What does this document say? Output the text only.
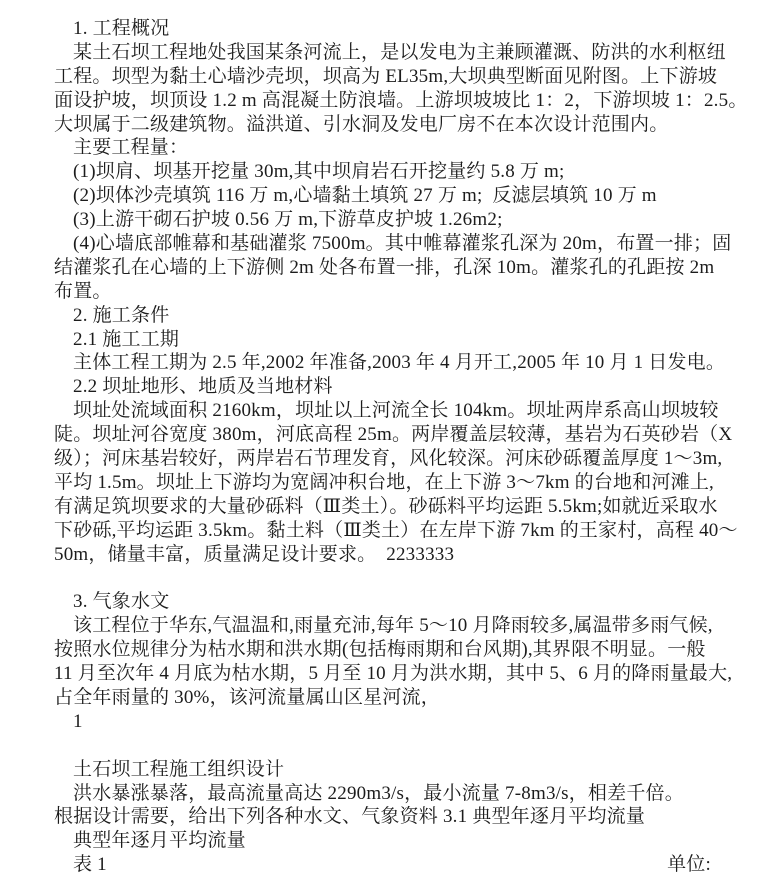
1. 工程概况
某土石坝工程地处我国某条河流上，是以发电为主兼顾灌溉、防洪的水利枢纽
工程。坝型为黏土心墙沙壳坝，坝高为 EL35m,大坝典型断面见附图。上下游坡
面设护坡，坝顶设 1.2 m 高混凝土防浪墙。上游坝坡坡比 1：2，下游坝坡 1：2.5。
大坝属于二级建筑物。溢洪道、引水洞及发电厂房不在本次设计范围内。
主要工程量：
(1)坝肩、坝基开挖量 30m,其中坝肩岩石开挖量约 5.8 万 m;
(2)坝体沙壳填筑 116 万 m,心墙黏土填筑 27 万 m;  反滤层填筑 10 万 m
(3)上游干砌石护坡 0.56 万 m,下游草皮护坡 1.26m2;
(4)心墙底部帷幕和基础灌浆 7500m。其中帷幕灌浆孔深为 20m，布置一排；固
结灌浆孔在心墙的上下游侧 2m 处各布置一排，孔深 10m。灌浆孔的孔距按 2m
布置。
2. 施工条件
2.1 施工工期
主体工程工期为 2.5 年,2002 年准备,2003 年 4 月开工,2005 年 10 月 1 日发电。
2.2 坝址地形、地质及当地材料
坝址处流域面积 2160km，坝址以上河流全长 104km。坝址两岸系高山坝坡较
陡。坝址河谷宽度 380m，河底高程 25m。两岸覆盖层较薄，基岩为石英砂岩（X
级）；河床基岩较好，两岸岩石节理发育，风化较深。河床砂砾覆盖厚度 1～3m,
平均 1.5m。坝址上下游均为宽阔冲积台地，在上下游 3～7km 的台地和河滩上,
有满足筑坝要求的大量砂砾料（Ⅲ类土）。砂砾料平均运距 5.5km;如就近采取水
下砂砾,平均运距 3.5km。黏土料（Ⅲ类土）在左岸下游 7km 的王家村，高程 40～
50m，储量丰富，质量满足设计要求。  2233333
3. 气象水文
该工程位于华东,气温温和,雨量充沛,每年 5～10 月降雨较多,属温带多雨气候,
按照水位规律分为枯水期和洪水期(包括梅雨期和台风期),其界限不明显。一般
11 月至次年 4 月底为枯水期，5 月至 10 月为洪水期，其中 5、6 月的降雨量最大,
占全年雨量的 30%，该河流量属山区星河流，
1
土石坝工程施工组织设计
洪水暴涨暴落，最高流量高达 2290m3/s，最小流量 7-8m3/s，相差千倍。
根据设计需要，给出下列各种水文、气象资料 3.1 典型年逐月平均流量
典型年逐月平均流量
表 1	单位:
